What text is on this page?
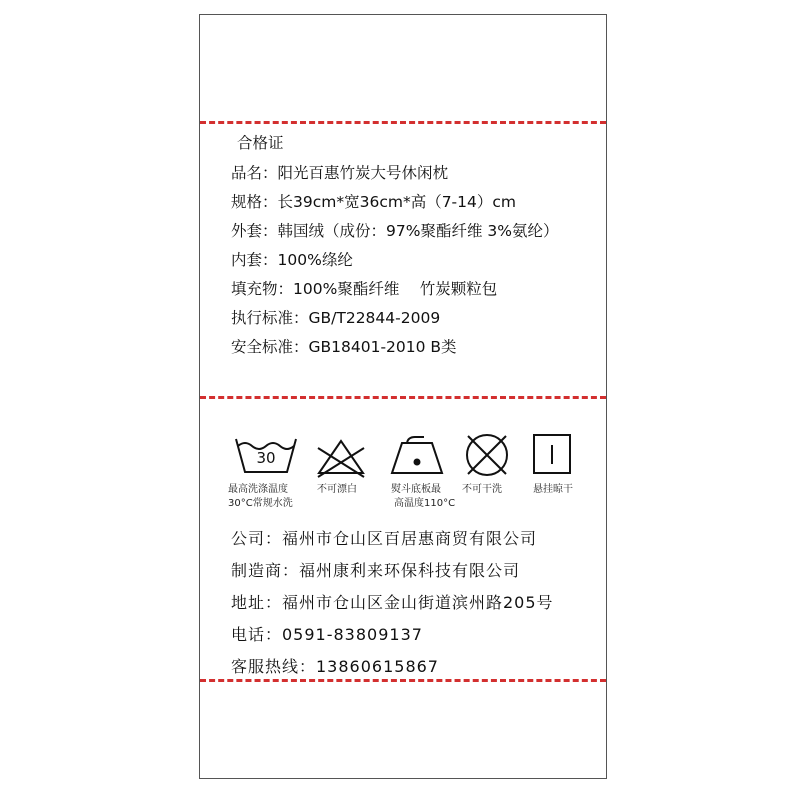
合格证
品名：阳光百惠竹炭大号休闲枕
规格：长39cm*宽36cm*高（7-14）cm
外套：韩国绒（成份：97%聚酯纤维 3%氨纶）
内套：100%绦纶
填充物：100%聚酯纤维　 竹炭颗粒包
执行标准：GB/T22844-2009
安全标准：GB18401-2010 B类
30
最高洗涤温度
30°C常规水洗
不可漂白	熨斗底板最
高温度110°C
不可干洗	悬挂晾干
公司：福州市仓山区百居惠商贸有限公司
制造商：福州康利来环保科技有限公司
地址：福州市仓山区金山街道滨州路205号
电话：0591-83809137
客服热线：13860615867
